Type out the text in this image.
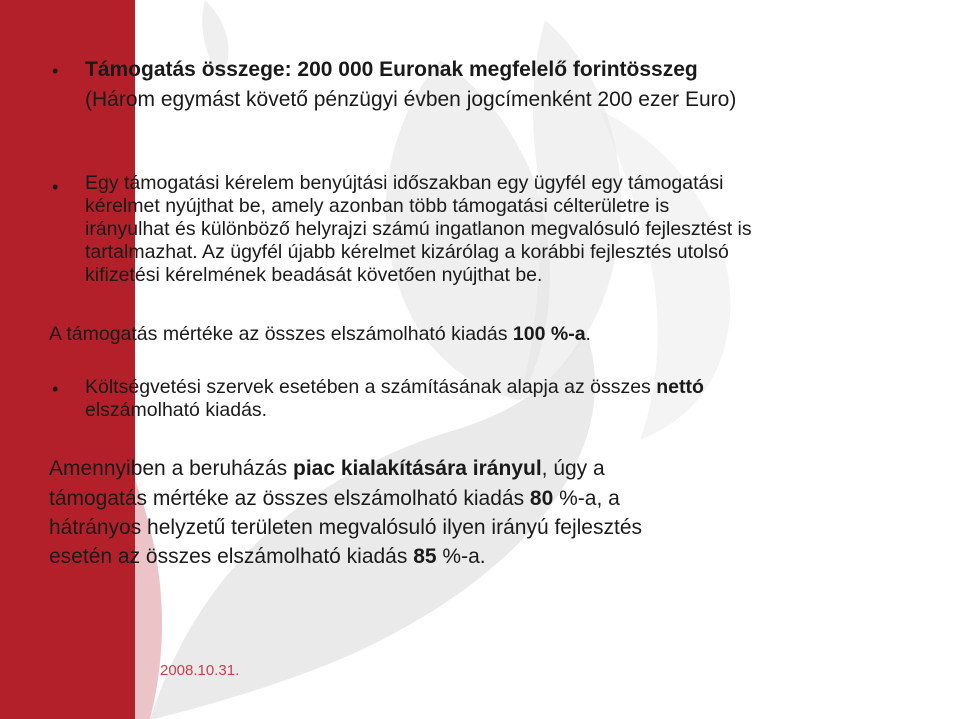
• Támogatás összege: 200 000 Euronak megfelelő forintösszeg
(Három egymást követő pénzügyi évben jogcímenként 200 ezer Euro)
• Egy támogatási kérelem benyújtási időszakban egy ügyfél egy támogatási
kérelmet nyújthat be, amely azonban több támogatási célterületre is
irányulhat és különböző helyrajzi számú ingatlanon megvalósuló fejlesztést is
tartalmazhat. Az ügyfél újabb kérelmet kizárólag a korábbi fejlesztés utolsó
kifizetési kérelmének beadását követően nyújthat be.
A támogatás mértéke az összes elszámolható kiadás 100 %-a.
• Költségvetési szervek esetében a számításának alapja az összes nettó
elszámolható kiadás.
Amennyiben a beruházás piac kialakítására irányul, úgy a
támogatás mértéke az összes elszámolható kiadás 80 %-a, a
hátrányos helyzetű területen megvalósuló ilyen irányú fejlesztés
esetén az összes elszámolható kiadás 85 %-a.
2008.10.31.
